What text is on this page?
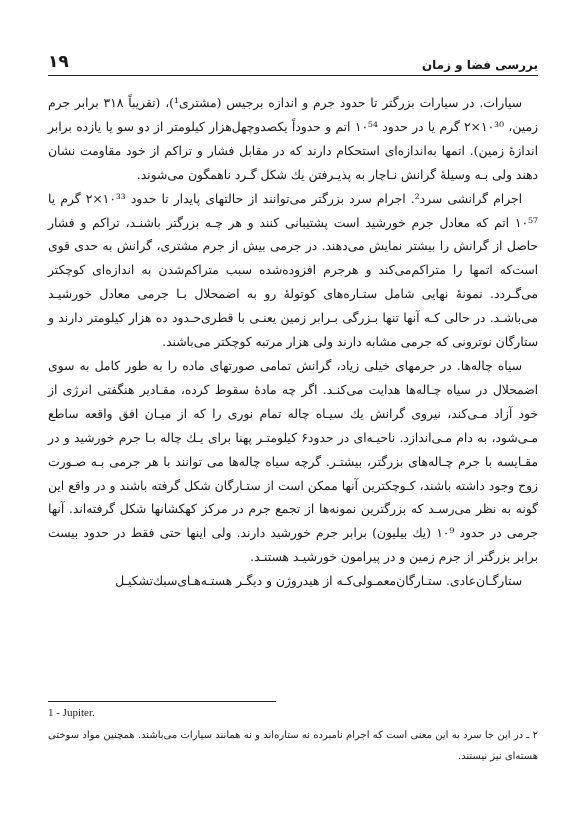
١٩	بررسی فضا و زمان

سیارات. در سیارات بزرگتر تا حدود جرم و اندازه برجیس (مشتری¹)، (تقریباً ۳۱۸ برابر جرم زمین، ۱۰³⁰×۲ گرم یا در حدود ۱۰⁵⁴ اتم و حدوداً یکصدوچهل‌هزار کیلومتر از دو سو یا یازده برابر اندازهٔ زمین). اتمها به‌اندازه‌ای استحکام دارند که در مقابل فشار و تراکم از خود مقاومت نشان دهند ولی بـه وسیلهٔ گرانش نـاچار به پذیـرفتن یك شکل گـرد ناهمگون می‌شوند.

اجرام گرانشی سرد². اجرام سرد بزرگتر می‌توانند از حالتهای پایدار تا حدود ۱۰³³×۲ گرم یا ۱۰⁵⁷ اتم که معادل جرم خورشید است پشتیبانی کنند و هر چـه بزرگتر باشنـد، تراکم و فشار حاصل از گرانش را بیشتر نمایش می‌دهند. در جرمی بیش از جرم مشتری، گرانش به حدی قوی است‌که اتمها را متراکم‌می‌کند و هرجرم افزوده‌شده سبب متراکم‌شدن به اندازه‌ای کوچکتر می‌گـردد. نمونهٔ نهایی شامل ستـاره‌های کوتولهٔ رو به اضمحلال بـا جرمی معادل خورشیـد می‌باشـد. در حالی کـه آنها تنها بـزرگی بـرابر زمین یعنـی با قطری‌حـدود ده هزار کیلومتر دارند و ستارگان نوترونی که جرمی مشابه دارند ولی هزار مرتبه کوچکتر می‌باشند.

سیاه چاله‌ها. در جرمهای خیلی زیاد، گرانش تمامی صورتهای ماده را به طور کامل به سوی اضمحلال در سیاه چـاله‌ها هدایت می‌کنـد. اگر چه مادهٔ سقوط کرده، مقـادیر هنگفتی انرژی از خود آزاد مـی‌کند، نیروی گرانش یك سیـاه چاله تمام نوری را که از میـان افق واقعه ساطع مـی‌شود، به دام مـی‌اندازد. ناحیـه‌ای در حدود۶ کیلومتـر پهنا برای یـك چاله بـا جرم خورشید و در مقـایسه با جرم چـاله‌های بزرگتر، بیشتـر. گرچه سیاه چاله‌ها می توانند با هر جرمی بـه صـورت زوج وجود داشته باشند، کـوچکترین آنها ممکن است از ستـارگان شکل گرفته باشند و در واقع این گونه به نظر می‌رسـد که بزرگترین نمونه‌ها از تجمع جرم در مرکز کهکشانها شکل گرفته‌اند. آنها جرمی در حدود ۱۰⁹ (یك بیلیون) برابر جرم خورشید دارند. ولی اینها حتی فقط در حدود بیست برابر بزرگتر از جرم زمین و در پیرامون خورشیـد هستنـد.

ستارگـان‌عادی. ستـارگان‌معمـولی‌کـه از هیدروژن و دیگـر هستـه‌هـای‌سبك‌تشکیـل

1 - Jupiter.
۲ ـ در این جا سرد به این معنی است که اجرام نامبرده نه ستاره‌اند و نه همانند سیارات می‌باشند. همچنین مواد سوختی هسته‌ای نیز نیستند.
